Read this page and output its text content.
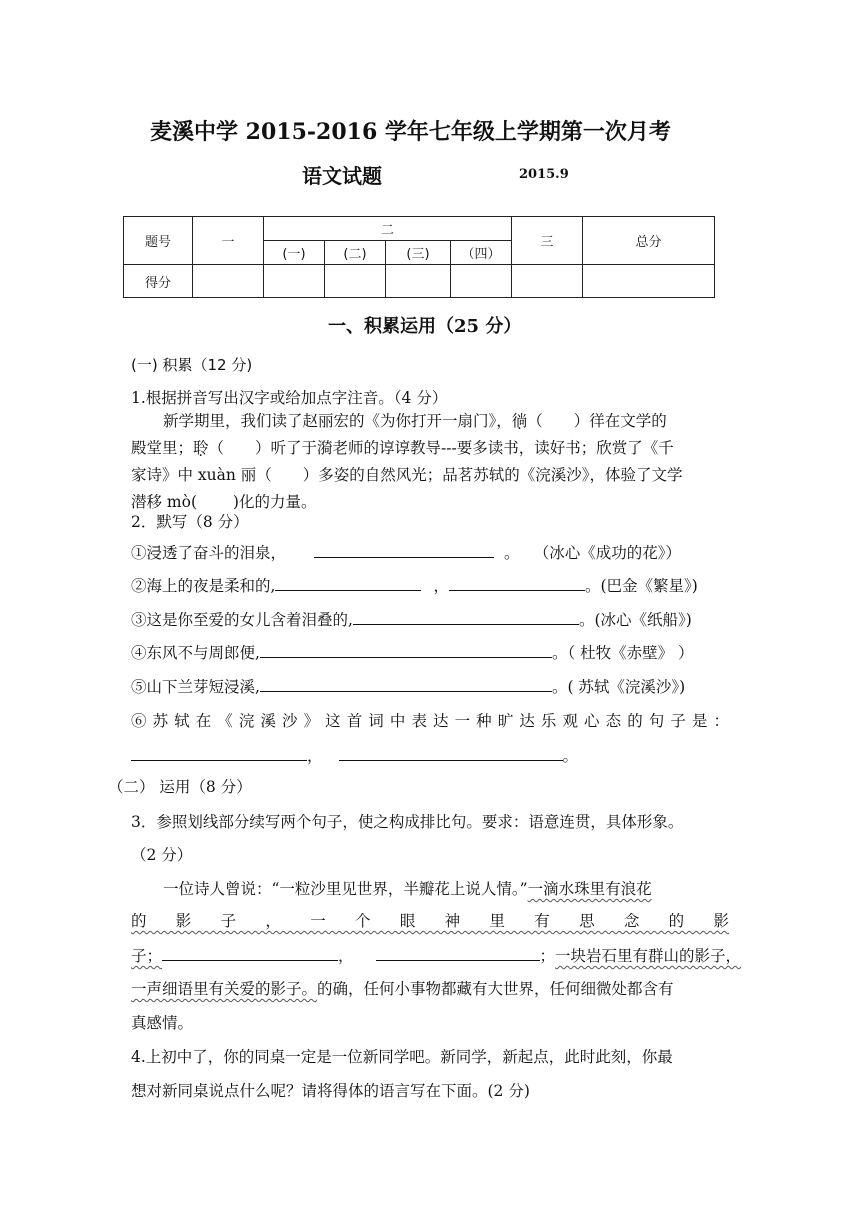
麦溪中学 2015-2016 学年七年级上学期第一次月考
语文试题	2015.9
题号	一	二				三	总分
		(一)	(二)	(三)	（四）		
得分							
一、积累运用（25 分）
(一) 积累（12 分)
1.根据拼音写出汉字或给加点字注音。（4 分）
新学期里，我们读了赵丽宏的《为你打开一扇门》，徜（　　）徉在文学的
殿堂里；聆（　　）听了于漪老师的谆谆教导---要多读书，读好书；欣赏了《千
家诗》中 xuàn 丽（　　）多姿的自然风光；品茗苏轼的《浣溪沙》，体验了文学
潜移 mò(　　 )化的力量。
2．默写（8 分）
①浸透了奋斗的泪泉，	。 （冰心《成功的花》）
②海上的夜是柔和的,	，	。(巴金《繁星》)
③这是你至爱的女儿含着泪叠的,	。(冰心《纸船》)
④东风不与周郎便,	。（ 杜牧《赤壁》 ）
⑤山下兰芽短浸溪,	。( 苏轼《浣溪沙》)
⑥苏轼在《浣溪沙》这首词中表达一种旷达乐观心态的句子是：
，	。
（二） 运用（8 分）
3．参照划线部分续写两个句子，使之构成排比句。要求：语意连贯，具体形象。
（2 分）
一位诗人曾说：“一粒沙里见世界，半瓣花上说人情。”一滴水珠里有浪花
的 影 子 ， 一 个 眼 神 里 有 思 念 的 影
子；	，	；一块岩石里有群山的影子，
一声细语里有关爱的影子。的确，任何小事物都藏有大世界，任何细微处都含有
真感情。
4.上初中了，你的同桌一定是一位新同学吧。新同学，新起点，此时此刻，你最
想对新同桌说点什么呢？请将得体的语言写在下面。(2 分)
